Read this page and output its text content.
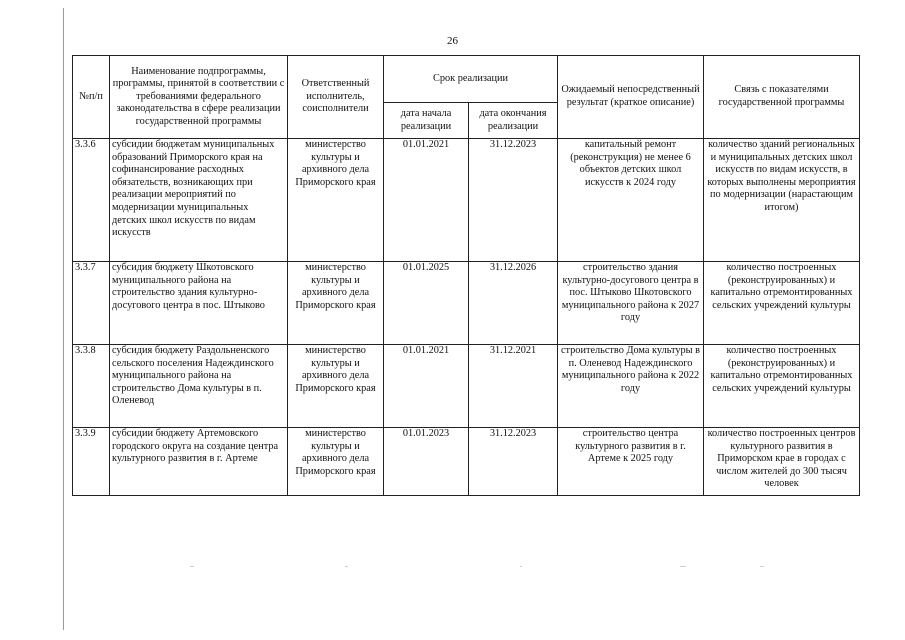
26
№п/п	Наименование подпрограммы, программы, принятой в соответствии с требованиями федерального законодательства в сфере реализации государственной программы	Ответственный исполнитель, соисполнители	Срок реализации		Ожидаемый непосредственный результат (краткое описание)	Связь с показателями государственной программы
			дата начала реализации	дата окончания реализации		
3.3.6	субсидии бюджетам муниципальных образований Приморского края на софинансирование расходных обязательств, возникающих при реализации мероприятий по модернизации муниципальных детских школ искусств по видам искусств	министерство культуры и архивного дела Приморского края	01.01.2021	31.12.2023	капитальный ремонт (реконструкция) не менее 6 объектов детских школ искусств к 2024 году	количество зданий региональных и муниципальных детских школ искусств по видам искусств, в которых выполнены мероприятия по модернизации (нарастающим итогом)
3.3.7	субсидия бюджету Шкотовского муниципального района на строительство здания культурно-досугового центра в пос. Штыково	министерство культуры и архивного дела Приморского края	01.01.2025	31.12.2026	строительство здания культурно-досугового центра в пос. Штыково Шкотовского муниципального района к 2027 году	количество построенных (реконструированных) и капитально отремонтированных сельских учреждений культуры
3.3.8	субсидия бюджету Раздольненского сельского поселения Надеждинского муниципального района на строительство Дома культуры в п. Оленевод	министерство культуры и архивного дела Приморского края	01.01.2021	31.12.2021	строительство Дома культуры в п. Оленевод Надеждинского муниципального района к 2022 году	количество построенных (реконструированных) и капитально отремонтированных сельских учреждений культуры
3.3.9	субсидии бюджету Артемовского городского округа на создание центра культурного развития в г. Артеме	министерство культуры и архивного дела Приморского края	01.01.2023	31.12.2023	строительство центра культурного развития в г. Артеме к 2025 году	количество построенных центров культурного развития в Приморском крае в городах с числом жителей до 300 тысяч человек
